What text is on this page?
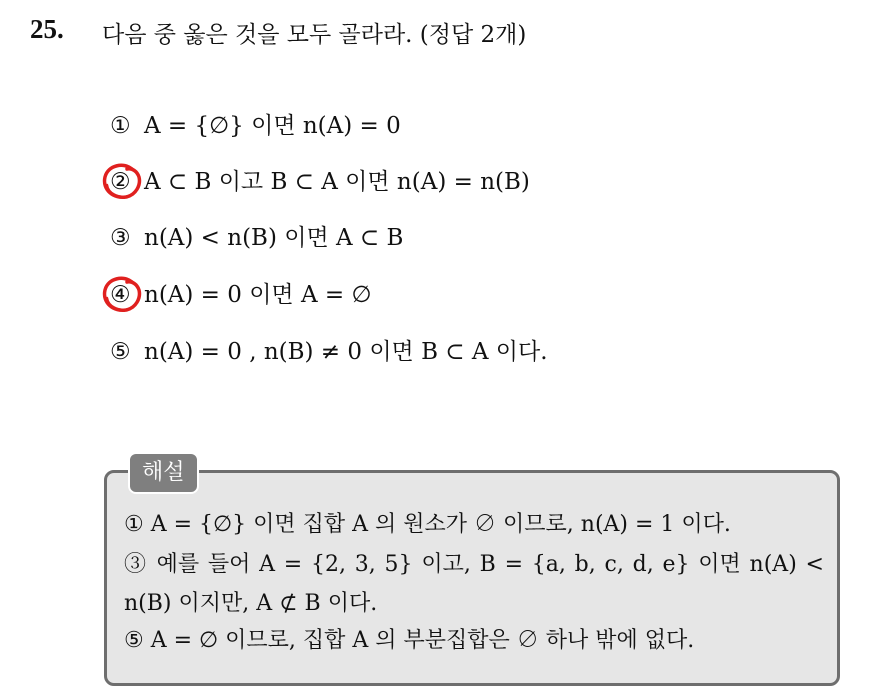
25. 다음 중 옳은 것을 모두 골라라. (정답 2개)
① A = {∅} 이면 n(A) = 0
② A ⊂ B 이고 B ⊂ A 이면 n(A) = n(B)
③ n(A) < n(B) 이면 A ⊂ B
④ n(A) = 0 이면 A = ∅
⑤ n(A) = 0 , n(B) ≠ 0 이면 B ⊂ A 이다.
해설
① A = {∅} 이면 집합 A 의 원소가 ∅ 이므로, n(A) = 1 이다.
③ 예를 들어 A = {2, 3, 5} 이고, B = {a, b, c, d, e} 이면 n(A) <
n(B) 이지만, A ⊄ B 이다.
⑤ A = ∅ 이므로, 집합 A 의 부분집합은 ∅ 하나 밖에 없다.
